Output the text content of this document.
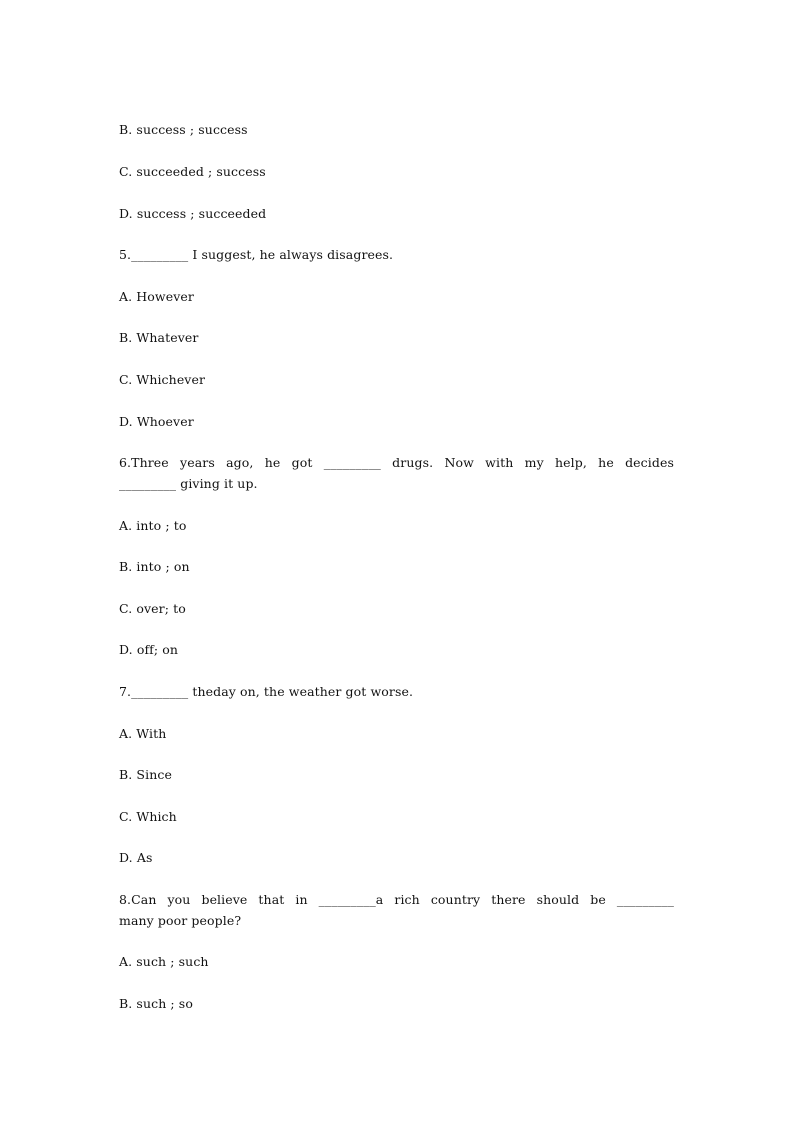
B. success ; success
C. succeeded ; success
D. success ; succeeded
5._________ I suggest, he always disagrees.
A. However
B. Whatever
C. Whichever
D. Whoever
6.Three years ago, he got _________ drugs. Now with my help, he decides
_________ giving it up.
A. into ; to
B. into ; on
C. over; to
D. off; on
7._________ theday on, the weather got worse.
A. With
B. Since
C. Which
D. As
8.Can you believe that in _________a rich country there should be _________
many poor people?
A. such ; such
B. such ; so
